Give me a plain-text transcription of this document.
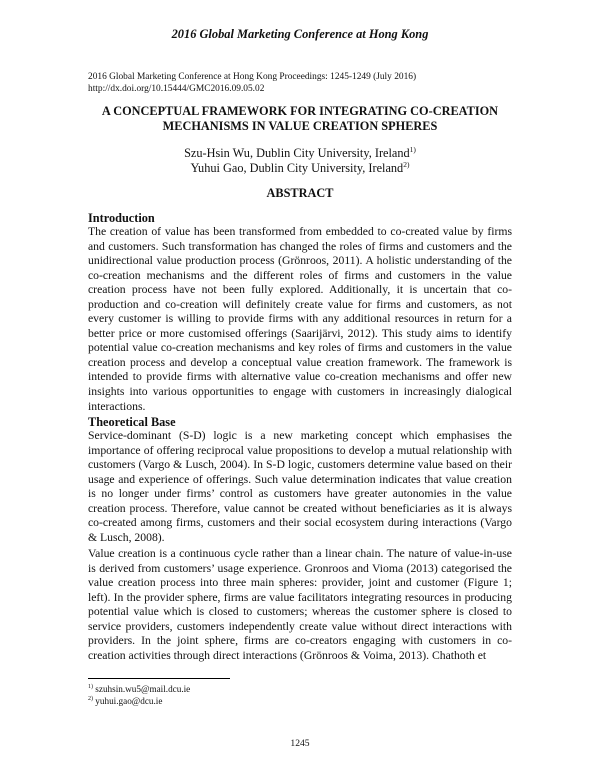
2016 Global Marketing Conference at Hong Kong
2016 Global Marketing Conference at Hong Kong Proceedings: 1245-1249 (July 2016)
http://dx.doi.org/10.15444/GMC2016.09.05.02
A CONCEPTUAL FRAMEWORK FOR INTEGRATING CO-CREATION
MECHANISMS IN VALUE CREATION SPHERES
Szu-Hsin Wu, Dublin City University, Ireland$^{1)}$
Yuhui Gao, Dublin City University, Ireland$^{2)}$
ABSTRACT
Introduction

The creation of value has been transformed from embedded to co-created value by firms and customers. Such transformation has changed the roles of firms and customers and the unidirectional value production process (Grönroos, 2011). A holistic understanding of the co-creation mechanisms and the different roles of firms and customers in the value creation process have not been fully explored. Additionally, it is uncertain that co-production and co-creation will definitely create value for firms and customers, as not every customer is willing to provide firms with any additional resources in return for a better price or more customised offerings (Saarijärvi, 2012). This study aims to identify potential value co-creation mechanisms and key roles of firms and customers in the value creation process and develop a conceptual value creation framework. The framework is intended to provide firms with alternative value co-creation mechanisms and offer new insights into various opportunities to engage with customers in increasingly dialogical interactions.

Theoretical Base

Service-dominant (S-D) logic is a new marketing concept which emphasises the importance of offering reciprocal value propositions to develop a mutual relationship with customers (Vargo & Lusch, 2004). In S-D logic, customers determine value based on their usage and experience of offerings. Such value determination indicates that value creation is no longer under firms’ control as customers have greater autonomies in the value creation process. Therefore, value cannot be created without beneficiaries as it is always co-created among firms, customers and their social ecosystem during interactions (Vargo & Lusch, 2008).

Value creation is a continuous cycle rather than a linear chain. The nature of value-in-use is derived from customers’ usage experience. Gronroos and Vioma (2013) categorised the value creation process into three main spheres: provider, joint and customer (Figure 1; left). In the provider sphere, firms are value facilitators integrating resources in producing potential value which is closed to customers; whereas the customer sphere is closed to service providers, customers independently create value without direct interactions with providers. In the joint sphere, firms are co-creators engaging with customers in co-creation activities through direct interactions (Grönroos & Voima, 2013). Chathoth et

$^{1)}$ szuhsin.wu5@mail.dcu.ie
$^{2)}$ yuhui.gao@dcu.ie
1245
